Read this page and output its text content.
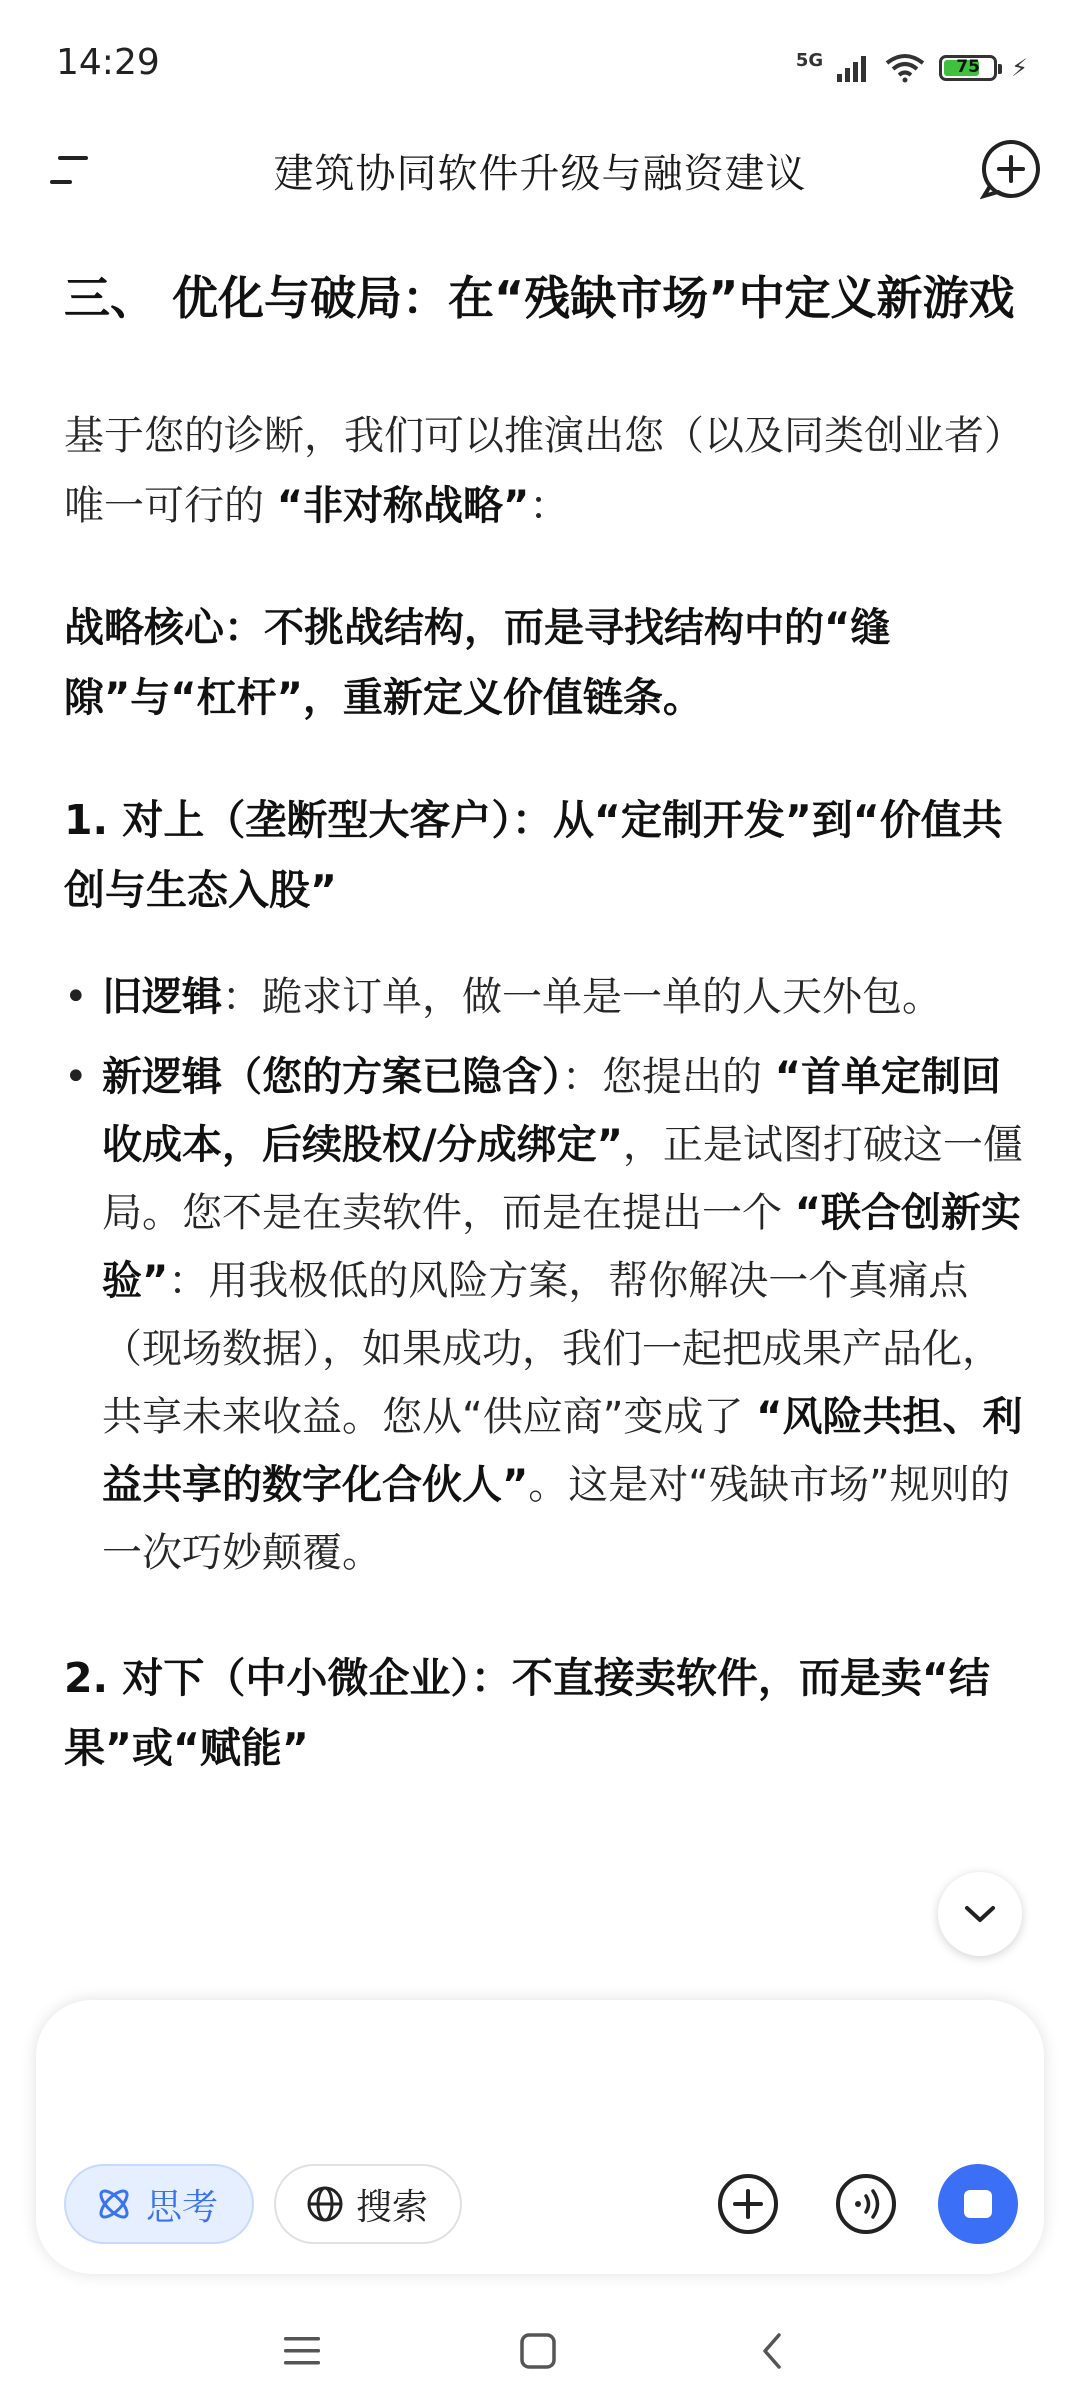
14:29	5G	75	⚡
建筑协同软件升级与融资建议
三、 优化与破局：在“残缺市场”中定义新游戏

基于您的诊断，我们可以推演出您（以及同类创业者）唯一可行的 “非对称战略”：

战略核心：不挑战结构，而是寻找结构中的“缝隙”与“杠杆”，重新定义价值链条。

1. 对上（垄断型大客户）：从“定制开发”到“价值共创与生态入股”
• 旧逻辑：跪求订单，做一单是一单的人天外包。
• 新逻辑（您的方案已隐含）：您提出的 “首单定制回收成本，后续股权/分成绑定”，正是试图打破这一僵局。您不是在卖软件，而是在提出一个 “联合创新实验”：用我极低的风险方案，帮你解决一个真痛点（现场数据），如果成功，我们一起把成果产品化，共享未来收益。您从“供应商”变成了 “风险共担、利益共享的数字化合伙人”。这是对“残缺市场”规则的一次巧妙颠覆。
2. 对下（中小微企业）：不直接卖软件，而是卖“结果”或“赋能”
思考	搜索
